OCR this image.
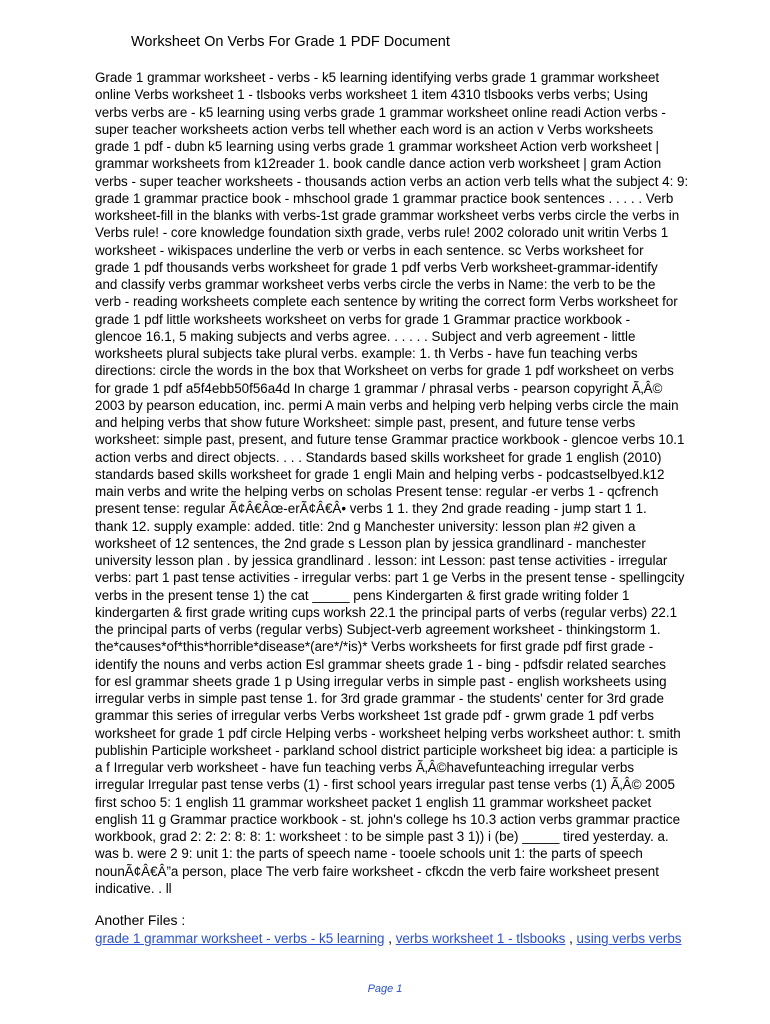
Worksheet On Verbs For Grade 1 PDF Document
Grade 1 grammar worksheet - verbs - k5 learning identifying verbs grade 1 grammar worksheet
online Verbs worksheet 1 - tlsbooks verbs worksheet 1 item 4310 tlsbooks verbs verbs; Using
verbs verbs are - k5 learning using verbs grade 1 grammar worksheet online readi Action verbs -
super teacher worksheets action verbs tell whether each word is an action v Verbs worksheets
grade 1 pdf - dubn k5 learning using verbs grade 1 grammar worksheet Action verb worksheet |
grammar worksheets from k12reader 1. book candle dance action verb worksheet | gram Action
verbs - super teacher worksheets - thousands action verbs an action verb tells what the subject 4: 9:
grade 1 grammar practice book - mhschool grade 1 grammar practice book sentences . . . . . Verb
worksheet-fill in the blanks with verbs-1st grade grammar worksheet verbs verbs circle the verbs in
Verbs rule! - core knowledge foundation sixth grade, verbs rule! 2002 colorado unit writin Verbs 1
worksheet - wikispaces underline the verb or verbs in each sentence. sc Verbs worksheet for
grade 1 pdf thousands verbs worksheet for grade 1 pdf verbs Verb worksheet-grammar-identify
and classify verbs grammar worksheet verbs verbs circle the verbs in Name: the verb to be the
verb - reading worksheets complete each sentence by writing the correct form Verbs worksheet for
grade 1 pdf little worksheets worksheet on verbs for grade 1 Grammar practice workbook -
glencoe 16.1, 5 making subjects and verbs agree. . . . . . Subject and verb agreement - little
worksheets plural subjects take plural verbs. example: 1. th Verbs - have fun teaching verbs
directions: circle the words in the box that Worksheet on verbs for grade 1 pdf worksheet on verbs
for grade 1 pdf a5f4ebb50f56a4d In charge 1 grammar / phrasal verbs - pearson copyright Ã‚Â©
2003 by pearson education, inc. permi A main verbs and helping verb helping verbs circle the main
and helping verbs that show future Worksheet: simple past, present, and future tense verbs
worksheet: simple past, present, and future tense Grammar practice workbook - glencoe verbs 10.1
action verbs and direct objects. . . . Standards based skills worksheet for grade 1 english (2010)
standards based skills worksheet for grade 1 engli Main and helping verbs - podcastselbyed.k12
main verbs and write the helping verbs on scholas Present tense: regular -er verbs 1 - qcfrench
present tense: regular Ã¢Â€Âœ-erÃ¢Â€Â• verbs 1 1. they 2nd grade reading - jump start 1 1.
thank 12. supply example: added. title: 2nd g Manchester university: lesson plan #2 given a
worksheet of 12 sentences, the 2nd grade s Lesson plan by jessica grandlinard - manchester
university lesson plan . by jessica grandlinard . lesson: int Lesson: past tense activities - irregular
verbs: part 1 past tense activities - irregular verbs: part 1 ge Verbs in the present tense - spellingcity
verbs in the present tense 1) the cat _____ pens Kindergarten & first grade writing folder 1
kindergarten & first grade writing cups worksh 22.1 the principal parts of verbs (regular verbs) 22.1
the principal parts of verbs (regular verbs) Subject-verb agreement worksheet - thinkingstorm 1.
the*causes*of*this*horrible*disease*(are*/*is)* Verbs worksheets for first grade pdf first grade -
identify the nouns and verbs action Esl grammar sheets grade 1 - bing - pdfsdir related searches
for esl grammar sheets grade 1 p Using irregular verbs in simple past - english worksheets using
irregular verbs in simple past tense 1. for 3rd grade grammar - the students' center for 3rd grade
grammar this series of irregular verbs Verbs worksheet 1st grade pdf - grwm grade 1 pdf verbs
worksheet for grade 1 pdf circle Helping verbs - worksheet helping verbs worksheet author: t. smith
publishin Participle worksheet - parkland school district participle worksheet big idea: a participle is
a f Irregular verb worksheet - have fun teaching verbs Ã‚Â©havefunteaching irregular verbs
irregular Irregular past tense verbs (1) - first school years irregular past tense verbs (1) Ã‚Â© 2005
first schoo 5: 1 english 11 grammar worksheet packet 1 english 11 grammar worksheet packet
english 11 g Grammar practice workbook - st. john's college hs 10.3 action verbs grammar practice
workbook, grad 2: 2: 2: 8: 8: 1: worksheet : to be simple past 3 1)) i (be) _____ tired yesterday. a.
was b. were 2 9: unit 1: the parts of speech name - tooele schools unit 1: the parts of speech
nounÃ¢Â€Â”a person, place The verb faire worksheet - cfkcdn the verb faire worksheet present
indicative. . ll
Another Files :
grade 1 grammar worksheet - verbs - k5 learning , verbs worksheet 1 - tlsbooks , using verbs verbs
Page 1
